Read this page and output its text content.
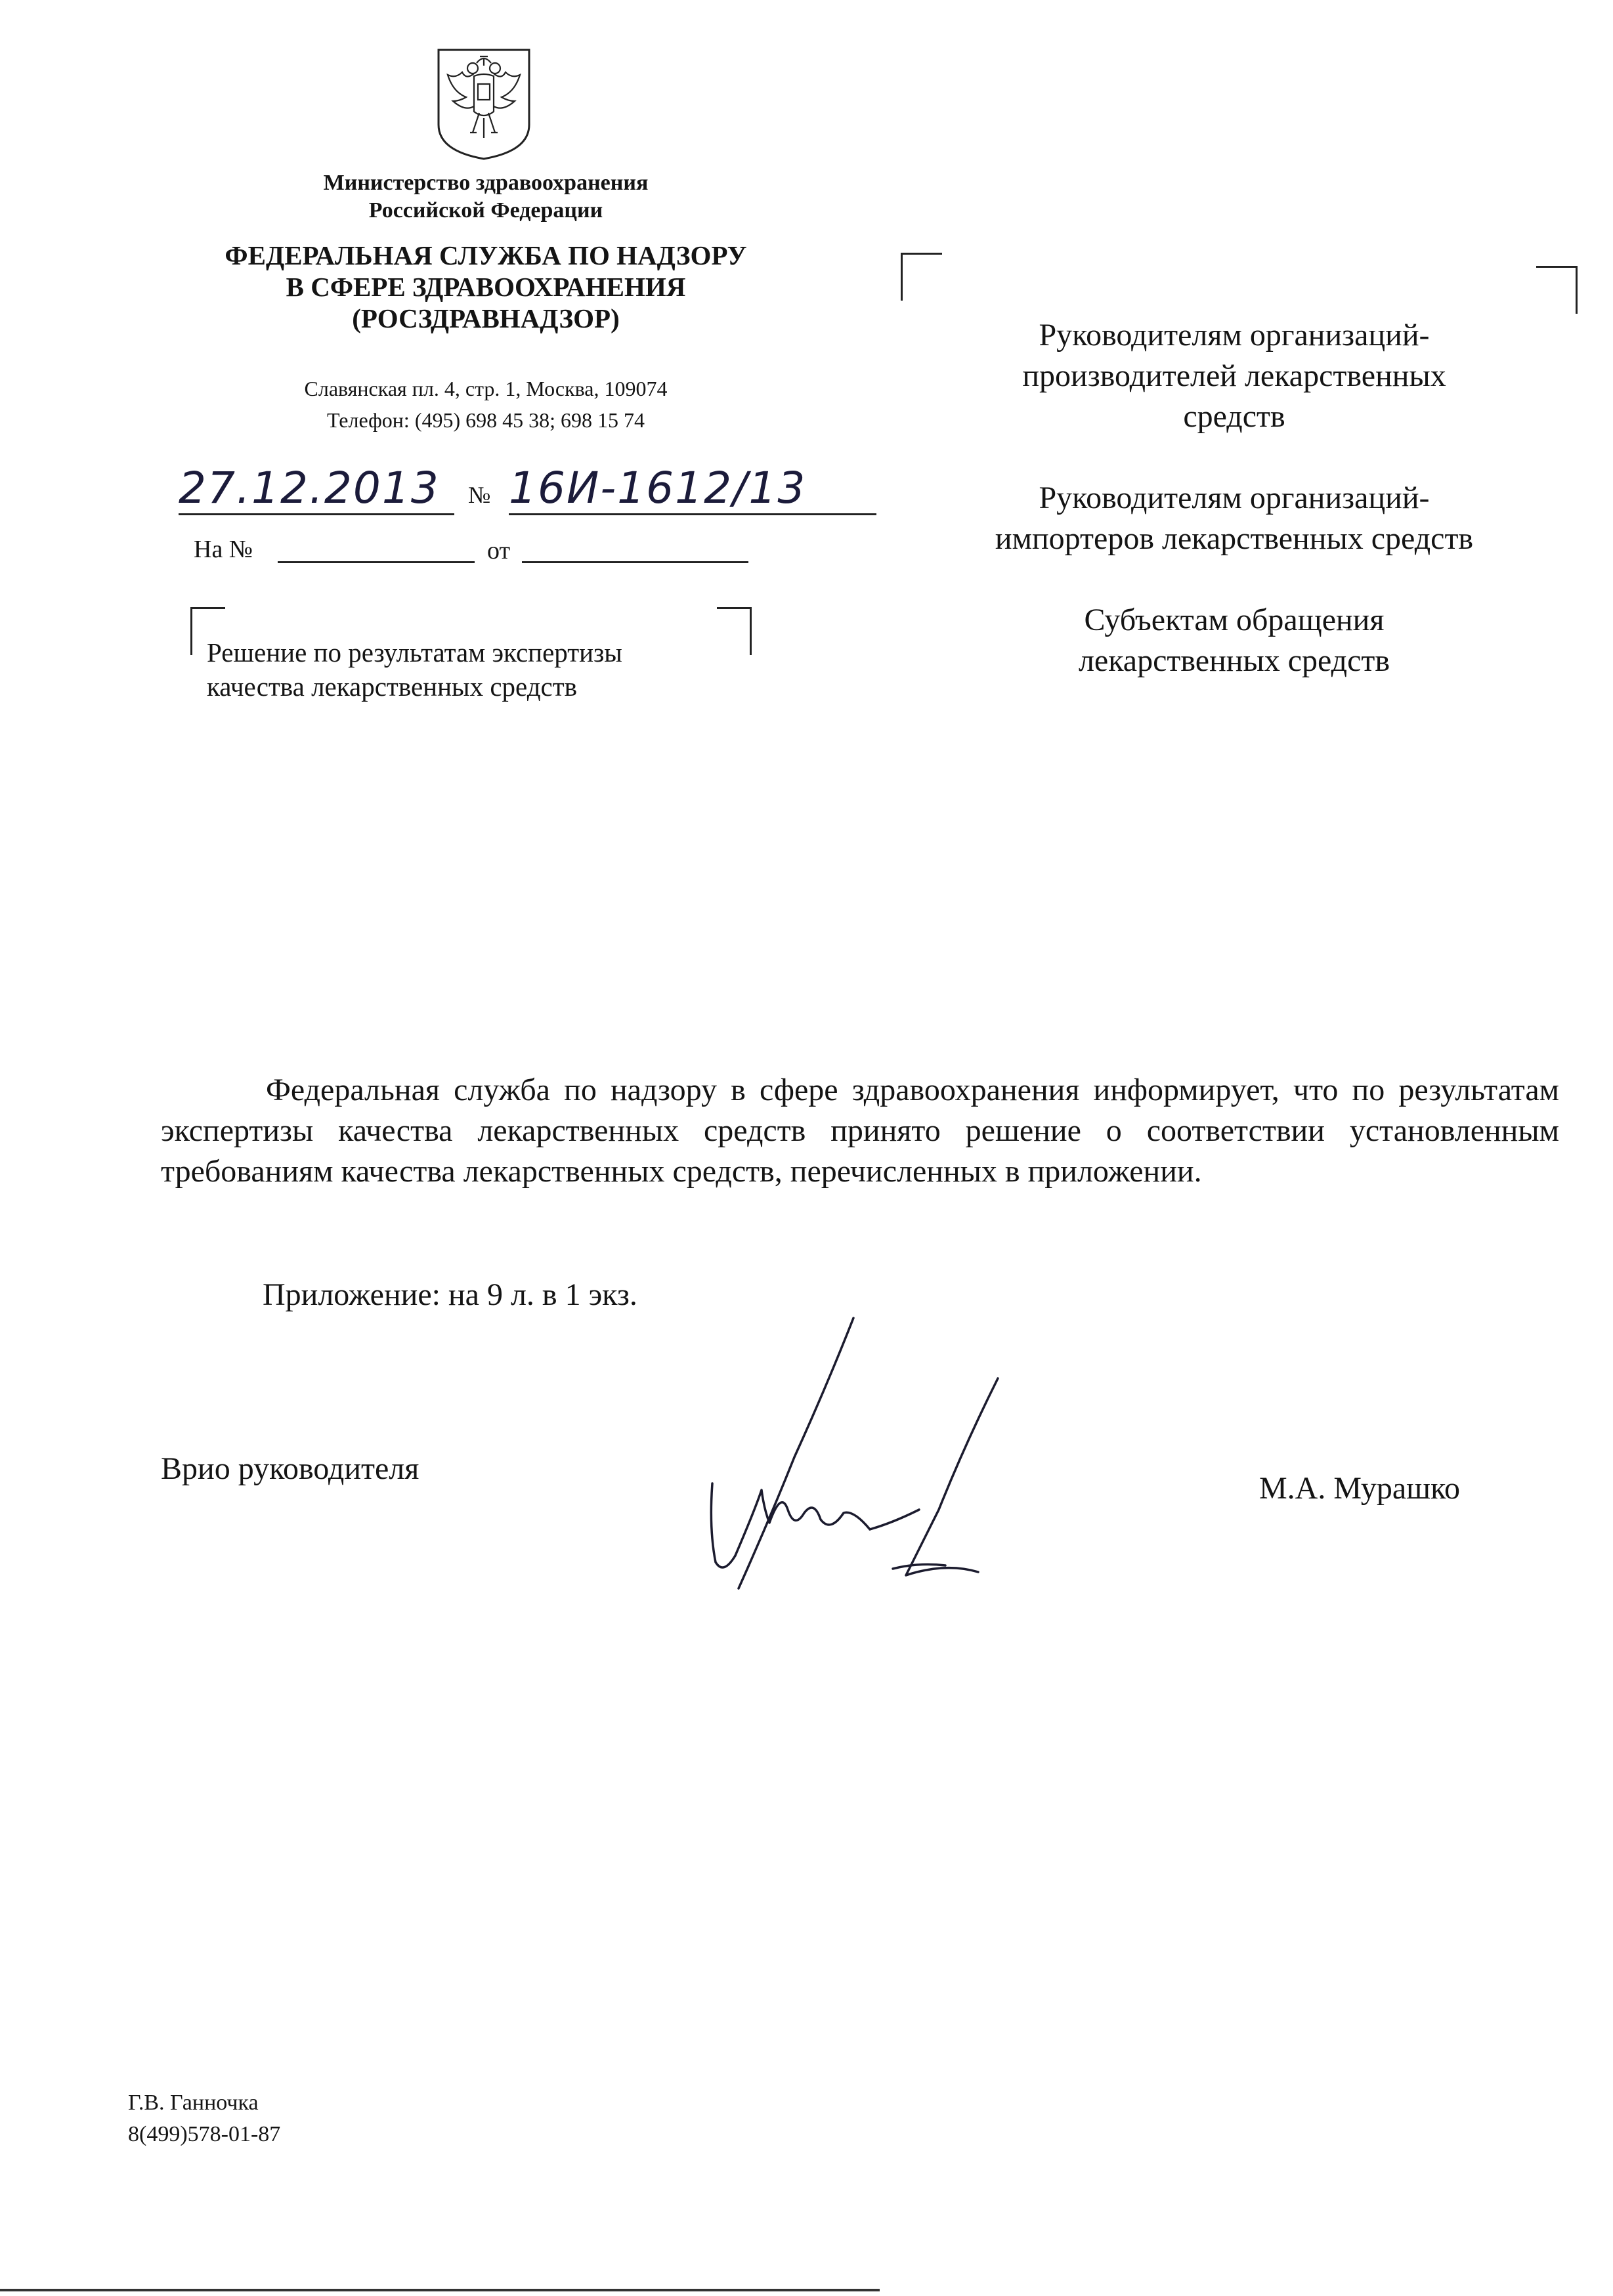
Министерство здравоохранения
Российской Федерации
ФЕДЕРАЛЬНАЯ СЛУЖБА ПО НАДЗОРУ
В СФЕРЕ ЗДРАВООХРАНЕНИЯ
(РОСЗДРАВНАДЗОР)
Славянская пл. 4, стр. 1, Москва, 109074
Телефон: (495) 698 45 38; 698 15 74
27.12.2013	№ 16И-1612/13
На №	от
Решение по результатам экспертизы
качества лекарственных средств
Руководителям организаций-
производителей лекарственных
средств
Руководителям организаций-
импортеров лекарственных средств
Субъектам обращения
лекарственных средств
Федеральная служба по надзору в сфере здравоохранения информирует, что по результатам экспертизы качества лекарственных средств принято решение о соответствии установленным требованиям качества лекарственных средств, перечисленных в приложении.
Приложение: на 9 л. в 1 экз.
Врио руководителя
М.А. Мурашко
Г.В. Ганночка
8(499)578-01-87
